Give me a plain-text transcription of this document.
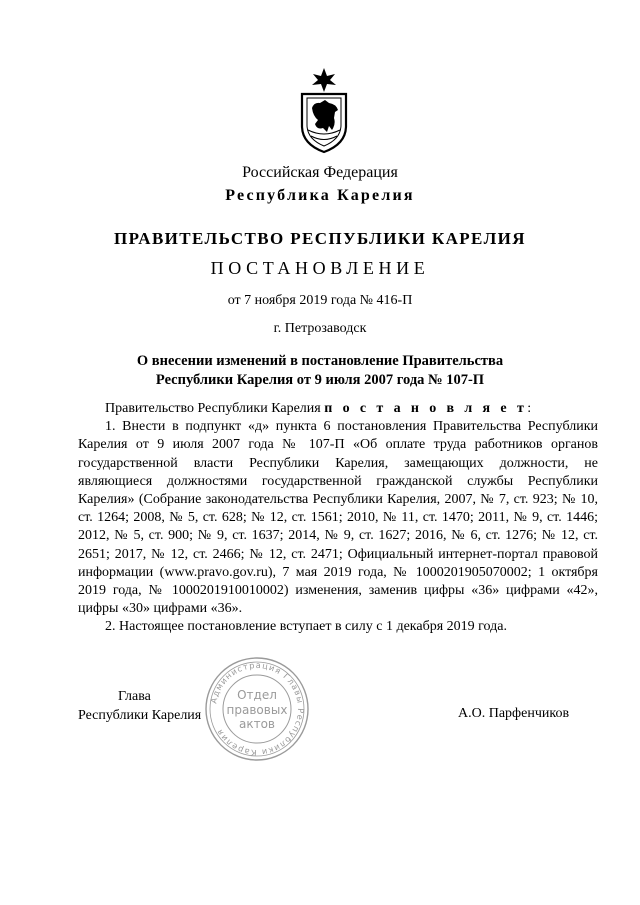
Российская Федерация
Республика Карелия
ПРАВИТЕЛЬСТВО РЕСПУБЛИКИ КАРЕЛИЯ
ПОСТАНОВЛЕНИЕ
от 7 ноября 2019 года № 416-П
г. Петрозаводск
О внесении изменений в постановление Правительства
Республики Карелия от 9 июля 2007 года № 107-П

Правительство Республики Карелия п о с т а н о в л я е т:

1. Внести в подпункт «д» пункта 6 постановления Правительства Республики Карелия от 9 июля 2007 года № 107-П «Об оплате труда работников органов государственной власти Республики Карелия, замещающих должности, не являющиеся должностями государственной гражданской службы Республики Карелия» (Собрание законодательства Республики Карелия, 2007, № 7, ст. 923; № 10, ст. 1264; 2008, № 5, ст. 628; № 12, ст. 1561; 2010, № 11, ст. 1470; 2011, № 9, ст. 1446; 2012, № 5, ст. 900; № 9, ст. 1637; 2014, № 9, ст. 1627; 2016, № 6, ст. 1276; № 12, ст. 2651; 2017, № 12, ст. 2466; № 12, ст. 2471; Официальный интернет-портал правовой информации (www.pravo.gov.ru), 7 мая 2019 года, № 1000201905070002; 1 октября 2019 года, № 1000201910010002) изменения, заменив цифры «36» цифрами «42», цифры «30» цифрами «36».

2. Настоящее постановление вступает в силу с 1 декабря 2019 года.

Глава
Республики Карелия
Администрация Главы Республики Карелия
Отдел
правовых
актов
А.О. Парфенчиков
